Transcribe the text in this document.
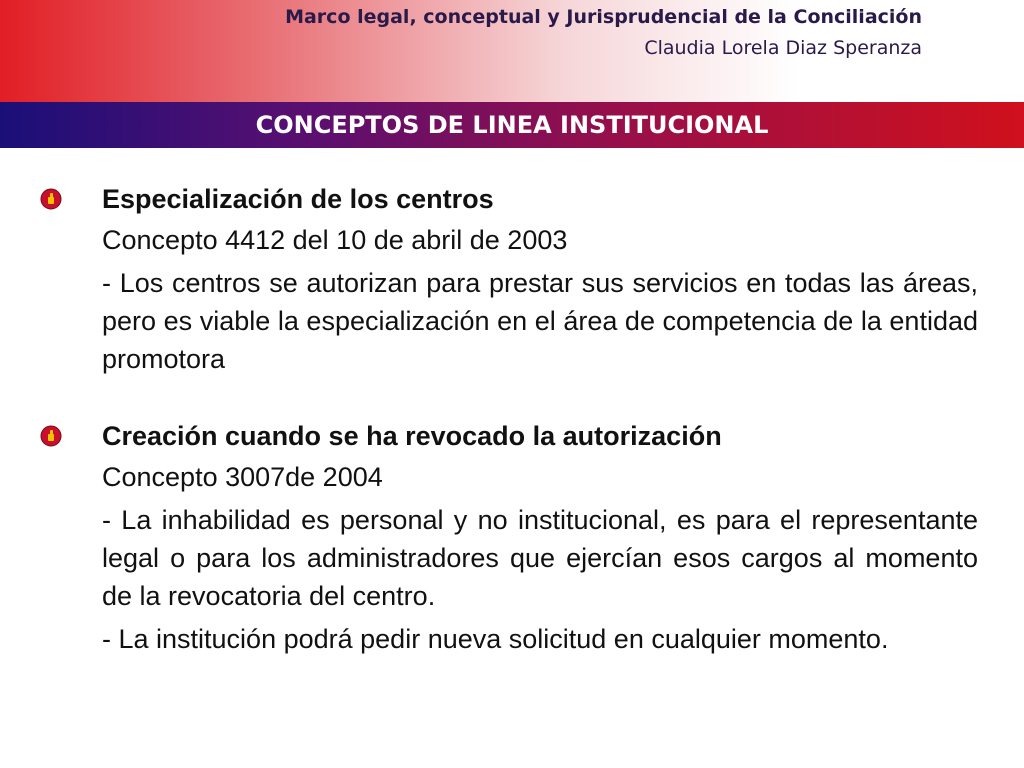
Marco legal, conceptual y Jurisprudencial de la Conciliación
Claudia Lorela Diaz Speranza
CONCEPTOS DE LINEA INSTITUCIONAL
Especialización de los centros
Concepto 4412 del 10 de abril de 2003
- Los centros se autorizan para prestar sus servicios en todas las áreas, pero es viable la especialización en el área de competencia de la entidad promotora
Creación cuando se ha revocado la autorización
Concepto 3007de 2004
- La inhabilidad es personal y no institucional, es para el representante legal o para los administradores que ejercían esos cargos al momento de la revocatoria del centro.
- La institución podrá pedir nueva solicitud en cualquier momento.
